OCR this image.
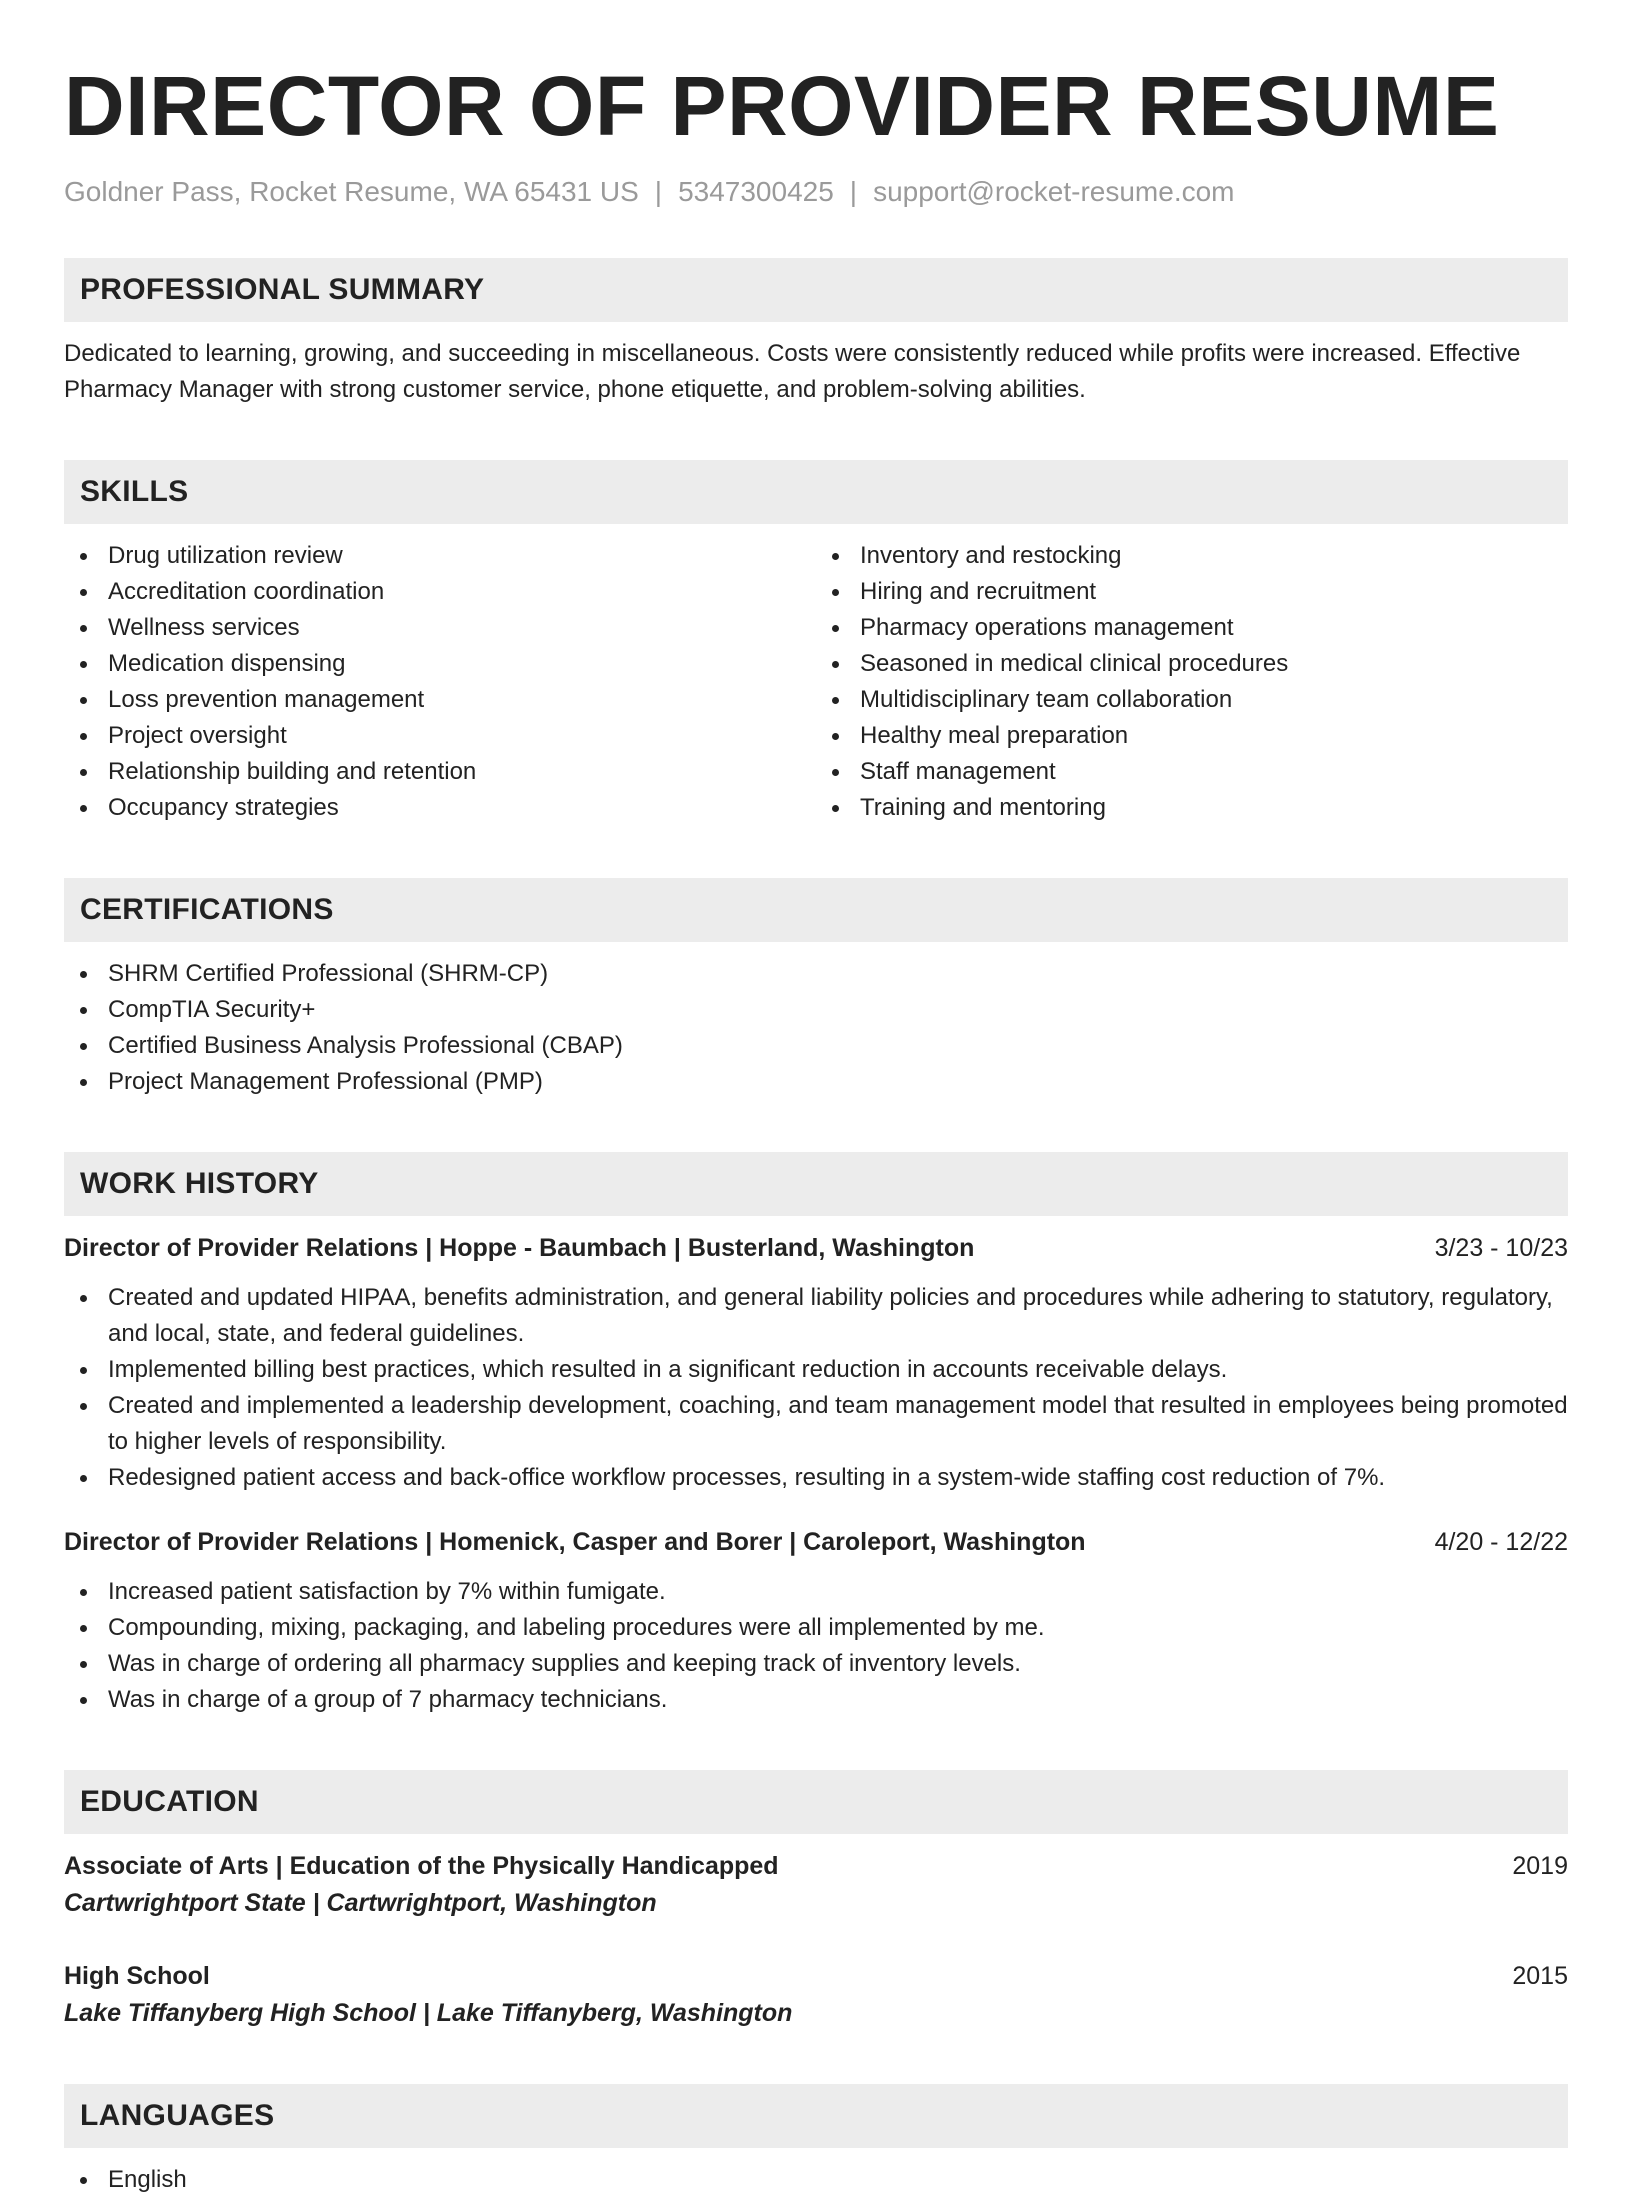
DIRECTOR OF PROVIDER RESUME
Goldner Pass, Rocket Resume, WA 65431 US | 5347300425 | support@rocket-resume.com
PROFESSIONAL SUMMARY

Dedicated to learning, growing, and succeeding in miscellaneous. Costs were consistently reduced while profits were increased. Effective Pharmacy Manager with strong customer service, phone etiquette, and problem-solving abilities.

SKILLS
Drug utilization review
Accreditation coordination
Wellness services
Medication dispensing
Loss prevention management
Project oversight
Relationship building and retention
Occupancy strategies
Inventory and restocking
Hiring and recruitment
Pharmacy operations management
Seasoned in medical clinical procedures
Multidisciplinary team collaboration
Healthy meal preparation
Staff management
Training and mentoring
CERTIFICATIONS
SHRM Certified Professional (SHRM-CP)
CompTIA Security+
Certified Business Analysis Professional (CBAP)
Project Management Professional (PMP)
WORK HISTORY
Director of Provider Relations | Hoppe - Baumbach | Busterland, Washington	3/23 - 10/23
Created and updated HIPAA, benefits administration, and general liability policies and procedures while adhering to statutory, regulatory, and local, state, and federal guidelines.
Implemented billing best practices, which resulted in a significant reduction in accounts receivable delays.
Created and implemented a leadership development, coaching, and team management model that resulted in employees being promoted to higher levels of responsibility.
Redesigned patient access and back-office workflow processes, resulting in a system-wide staffing cost reduction of 7%.
Director of Provider Relations | Homenick, Casper and Borer | Caroleport, Washington	4/20 - 12/22
Increased patient satisfaction by 7% within fumigate.
Compounding, mixing, packaging, and labeling procedures were all implemented by me.
Was in charge of ordering all pharmacy supplies and keeping track of inventory levels.
Was in charge of a group of 7 pharmacy technicians.
EDUCATION
Associate of Arts | Education of the Physically Handicapped	2019
Cartwrightport State | Cartwrightport, Washington
High School	2015
Lake Tiffanyberg High School | Lake Tiffanyberg, Washington
LANGUAGES
English
